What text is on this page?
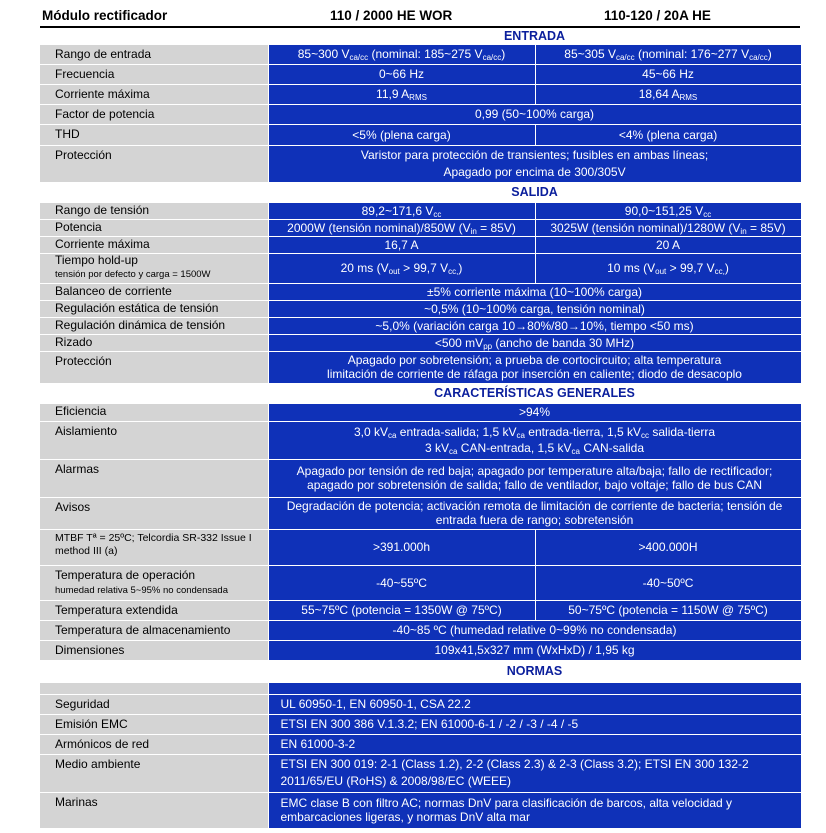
Módulo rectificador	110 / 2000 HE WOR	110-120 / 20A HE
	ENTRADA	
Rango de entrada	85~300 $V_{ca/cc}$ (nominal: 185~275 $V_{ca/cc}$)	85~305 $V_{ca/cc}$ (nominal: 176~277 $V_{ca/cc}$)
Frecuencia	0~66 Hz	45~66 Hz
Corriente máxima	11,9 $A_{RMS}$	18,64 $A_{RMS}$
Factor de potencia	0,99 (50~100% carga)	
THD	<5% (plena carga)	<4% (plena carga)
Protección	Varistor para protección de transientes; fusibles en ambas líneas;
Apagado por encima de 300/305V	
	SALIDA	
Rango de tensión	89,2~171,6 $V_{cc}$	90,0~151,25 $V_{cc}$
Potencia	2000W (tensión nominal)/850W $(V_{in} = 85V)$	3025W (tensión nominal)/1280W $(V_{in} = 85V)$
Corriente máxima	16,7 A	20 A
Tiempo hold-up
tensión por defecto y carga = 1500W	20 ms ($V_{out} > 99,7$ $V_{cc,}$)	10 ms ($V_{out} > 99,7$ $V_{cc,}$)
Balanceo de corriente	±5% corriente máxima (10~100% carga)	
Regulación estática de tensión	~0,5% (10~100% carga, tensión nominal)	
Regulación dinámica de tensión	~5,0% (variación carga 10→80%/80→10%, tiempo <50 ms)	
Rizado	<500 $mV_{pp}$ (ancho de banda 30 MHz)	
Protección	Apagado por sobretensión; a prueba de cortocircuito; alta temperatura
limitación de corriente de ráfaga por inserción en caliente; diodo de desacoplo	
	CARACTERÍSTICAS GENERALES	
Eficiencia	>94%	
Aislamiento	3,0 $kV_{ca}$ entrada-salida; 1,5 $kV_{ca}$ entrada-tierra, 1,5 $kV_{cc}$ salida-tierra
3 $kV_{ca}$ CAN-entrada, 1,5 $kV_{ca}$ CAN-salida	
Alarmas	Apagado por tensión de red baja; apagado por temperature alta/baja; fallo de rectificador;
apagado por sobretensión de salida; fallo de ventilador, bajo voltaje; fallo de bus CAN	
Avisos	Degradación de potencia; activación remota de limitación de corriente de bacteria; tensión de
entrada fuera de rango; sobretensión	
MTBF Tª = 25ºC; Telcordia SR-332 Issue I
method III (a)	>391.000h	>400.000H
Temperatura de operación
humedad relativa 5~95% no condensada	-40~55ºC	-40~50ºC
Temperatura extendida	55~75ºC (potencia = 1350W @ 75ºC)	50~75ºC (potencia = 1150W @ 75ºC)
Temperatura de almacenamiento	-40~85 ºC (humedad relative 0~99% no condensada)	
Dimensiones	109x41,5x327 mm (WxHxD) / 1,95 kg	
	NORMAS	

Seguridad	UL 60950-1, EN 60950-1, CSA 22.2	
Emisión EMC	ETSI EN 300 386 V.1.3.2; EN 61000-6-1 / -2 / -3 / -4 / -5	
Armónicos de red	EN 61000-3-2	
Medio ambiente	ETSI EN 300 019: 2-1 (Class 1.2), 2-2 (Class 2.3) & 2-3 (Class 3.2); ETSI EN 300 132-2
2011/65/EU (RoHS) & 2008/98/EC (WEEE)	
Marinas	EMC clase B con filtro AC; normas DnV para clasificación de barcos, alta velocidad y
embarcaciones ligeras, y normas DnV alta mar	
